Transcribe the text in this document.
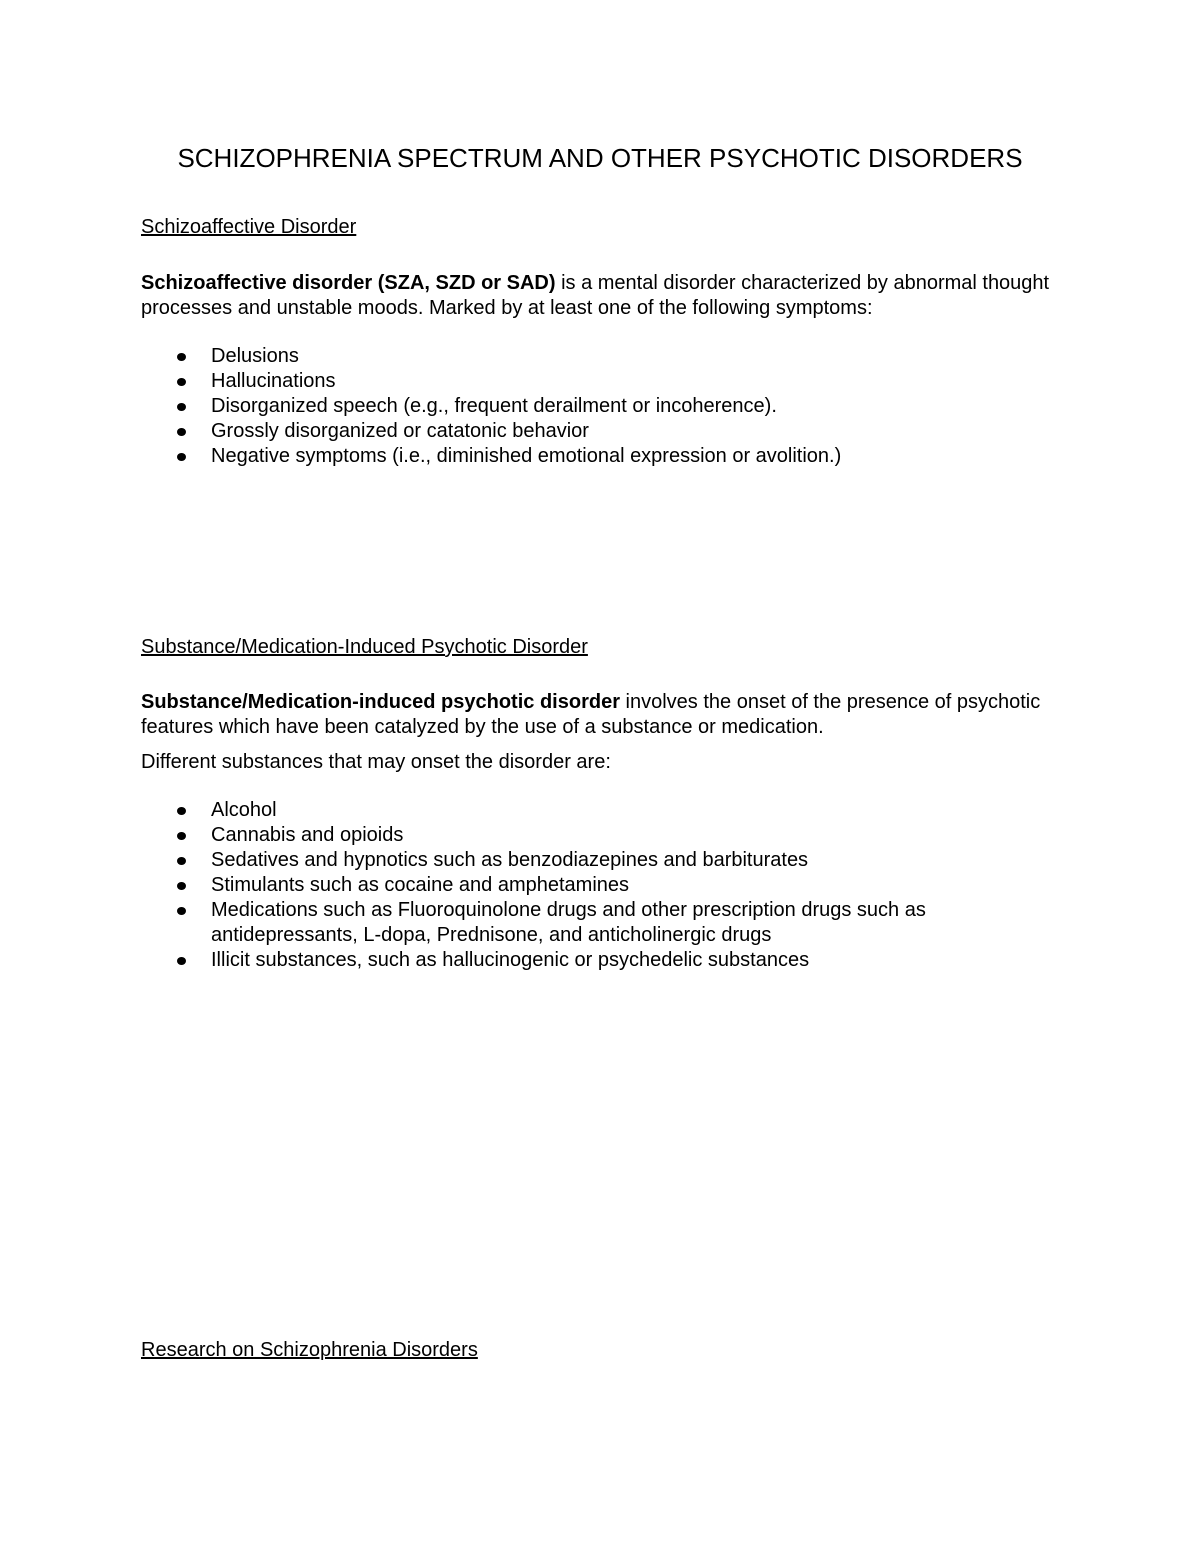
SCHIZOPHRENIA SPECTRUM AND OTHER PSYCHOTIC DISORDERS
Schizoaffective Disorder

Schizoaffective disorder (SZA, SZD or SAD) is a mental disorder characterized by abnormal thought processes and unstable moods. Marked by at least one of the following symptoms:

Delusions
Hallucinations
Disorganized speech (e.g., frequent derailment or incoherence).
Grossly disorganized or catatonic behavior
Negative symptoms (i.e., diminished emotional expression or avolition.)
Substance/Medication-Induced Psychotic Disorder

Substance/Medication-induced psychotic disorder involves the onset of the presence of psychotic features which have been catalyzed by the use of a substance or medication.

Different substances that may onset the disorder are:

Alcohol
Cannabis and opioids
Sedatives and hypnotics such as benzodiazepines and barbiturates
Stimulants such as cocaine and amphetamines
Medications such as Fluoroquinolone drugs and other prescription drugs such as antidepressants, L-dopa, Prednisone, and anticholinergic drugs
Illicit substances, such as hallucinogenic or psychedelic substances
Research on Schizophrenia Disorders
